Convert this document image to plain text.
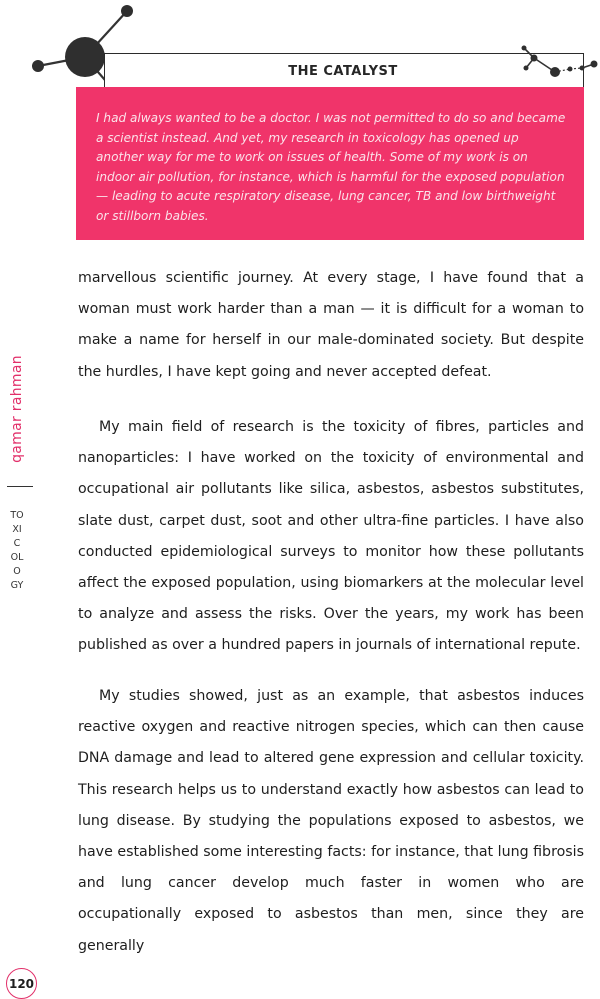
THE CATALYST

I had always wanted to be a doctor. I was not permitted to do so and became a scientist instead. And yet, my research in toxicology has opened up another way for me to work on issues of health. Some of my work is on indoor air pollution, for instance, which is harmful for the exposed population — leading to acute respiratory disease, lung cancer, TB and low birthweight or stillborn babies.

qamar rahman
TOXICOLOGY

marvellous scientific journey. At every stage, I have found that a woman must work harder than a man — it is difficult for a woman to make a name for herself in our male-dominated society. But despite the hurdles, I have kept going and never accepted defeat.

My main field of research is the toxicity of fibres, particles and nanoparticles: I have worked on the toxicity of environmental and occupational air pollutants like silica, asbestos, asbestos substitutes, slate dust, carpet dust, soot and other ultra-fine particles. I have also conducted epidemiological surveys to monitor how these pollutants affect the exposed population, using biomarkers at the molecular level to analyze and assess the risks. Over the years, my work has been published as over a hundred papers in journals of international repute.

My studies showed, just as an example, that asbestos induces reactive oxygen and reactive nitrogen species, which can then cause DNA damage and lead to altered gene expression and cellular toxicity. This research helps us to understand exactly how asbestos can lead to lung disease. By studying the populations exposed to asbestos, we have established some interesting facts: for instance, that lung fibrosis and lung cancer develop much faster in women who are occupationally exposed to asbestos than men, since they are generally

120
